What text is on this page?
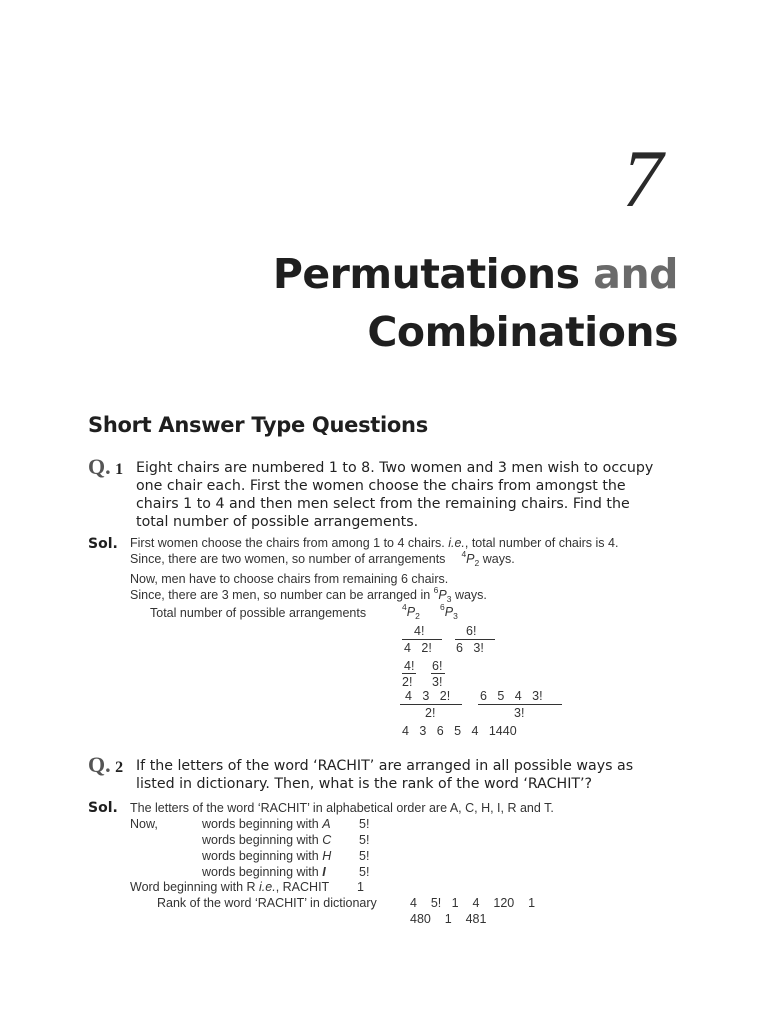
7
Permutations and
Combinations
Short Answer Type Questions
Q. 1 Eight chairs are numbered 1 to 8. Two women and 3 men wish to occupy
one chair each. First the women choose the chairs from amongst the
chairs 1 to 4 and then men select from the remaining chairs. Find the
total number of possible arrangements.
Sol. First women choose the chairs from among 1 to 4 chairs. i.e., total number of chairs is 4.
Since, there are two women, so number of arrangements $^4P_2$ ways.
Now, men have to choose chairs from remaining 6 chairs.
Since, there are 3 men, so number can be arranged in $^6P_3$ ways.
Total number of possible arrangements	$^4P_2$
$^6P_3$
4!	6!
4   2! 6   3!
4! 6!
2! 3!
4   3   2! 6   5   4   3!
2!	3!
4   3   6   5   4   1440
Q. 2 If the letters of the word ‘RACHIT’ are arranged in all possible ways as
listed in dictionary. Then, what is the rank of the word ‘RACHIT’?
Sol. The letters of the word ‘RACHIT’ in alphabetical order are A, C, H, I, R and T.
Now,	words beginning with A 5!
words beginning with C 5!
words beginning with H 5!
words beginning with I	5!
Word beginning with R i.e., RACHIT 1
Rank of the word ‘RACHIT’ in dictionary	4    5!   1    4    120    1
480    1    481
